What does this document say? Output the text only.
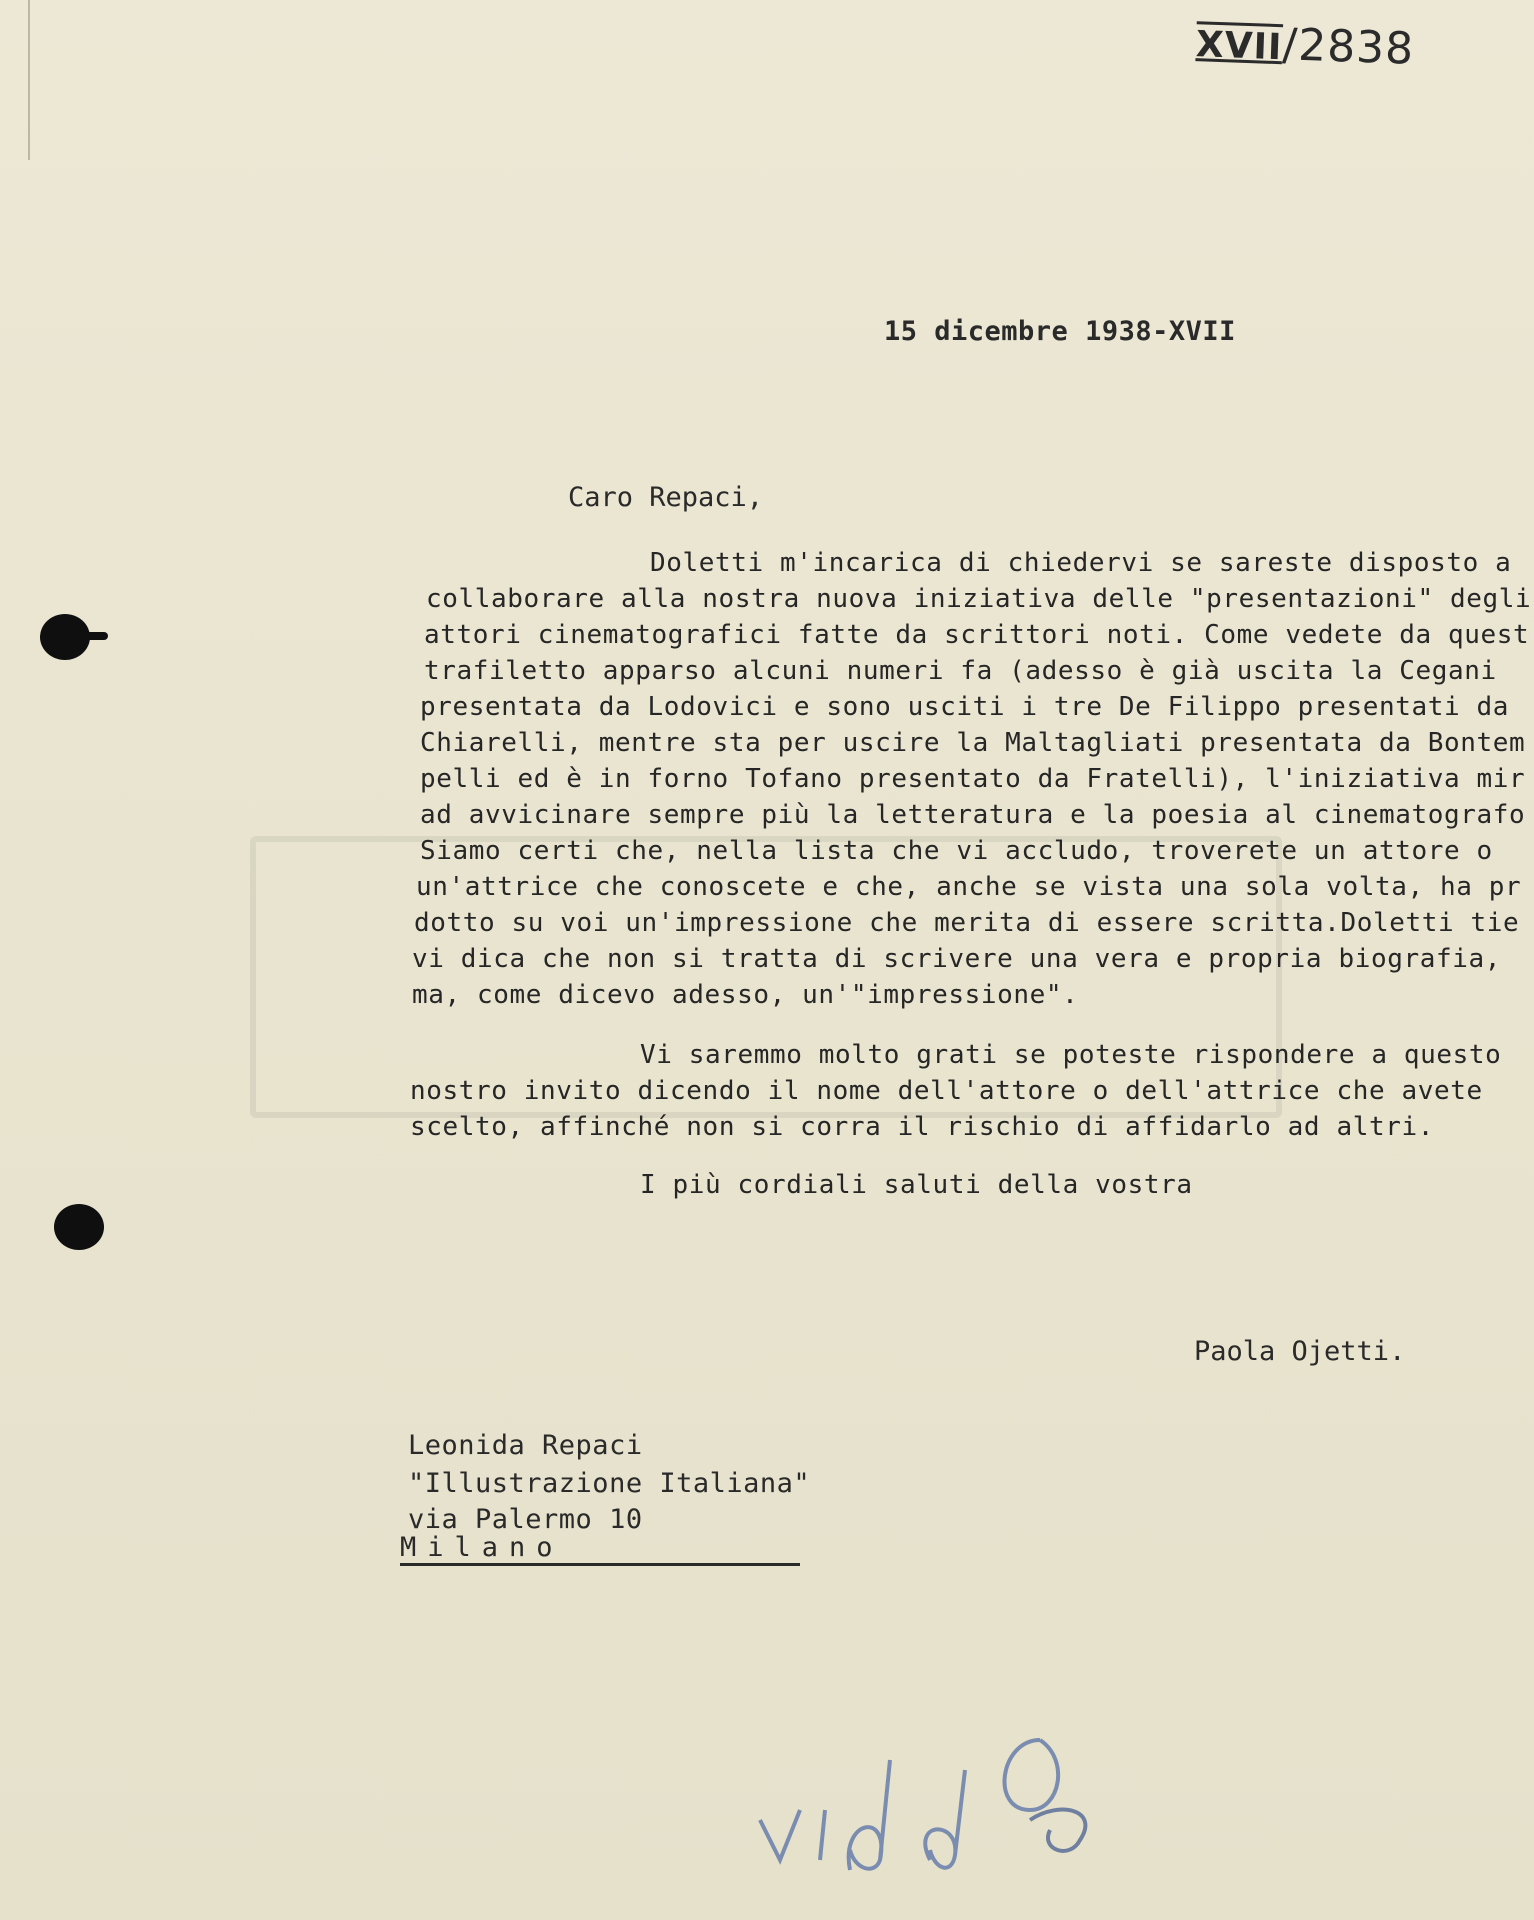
XVII/2838
15 dicembre 1938-XVII
Caro Repaci,
Doletti m'incarica di chiedervi se sareste disposto a
collaborare alla nostra nuova iniziativa delle "presentazioni" degli
attori cinematografici fatte da scrittori noti. Come vedete da quest
trafiletto apparso alcuni numeri fa (adesso è già uscita la Cegani
presentata da Lodovici e sono usciti i tre De Filippo presentati da
Chiarelli, mentre sta per uscire la Maltagliati presentata da Bontem
pelli ed è in forno Tofano presentato da Fratelli), l'iniziativa mir
ad avvicinare sempre più la letteratura e la poesia al cinematografo
Siamo certi che, nella lista che vi accludo, troverete un attore o
un'attrice che conoscete e che, anche se vista una sola volta, ha pr
dotto su voi un'impressione che merita di essere scritta.Doletti tie
vi dica che non si tratta di scrivere una vera e propria biografia,
ma, come dicevo adesso, un'"impressione".
Vi saremmo molto grati se poteste rispondere a questo
nostro invito dicendo il nome dell'attore o dell'attrice che avete
scelto, affinché non si corra il rischio di affidarlo ad altri.
I più cordiali saluti della vostra
Paola Ojetti.
Leonida Repaci
"Illustrazione Italiana"
via Palermo 10
Milano
